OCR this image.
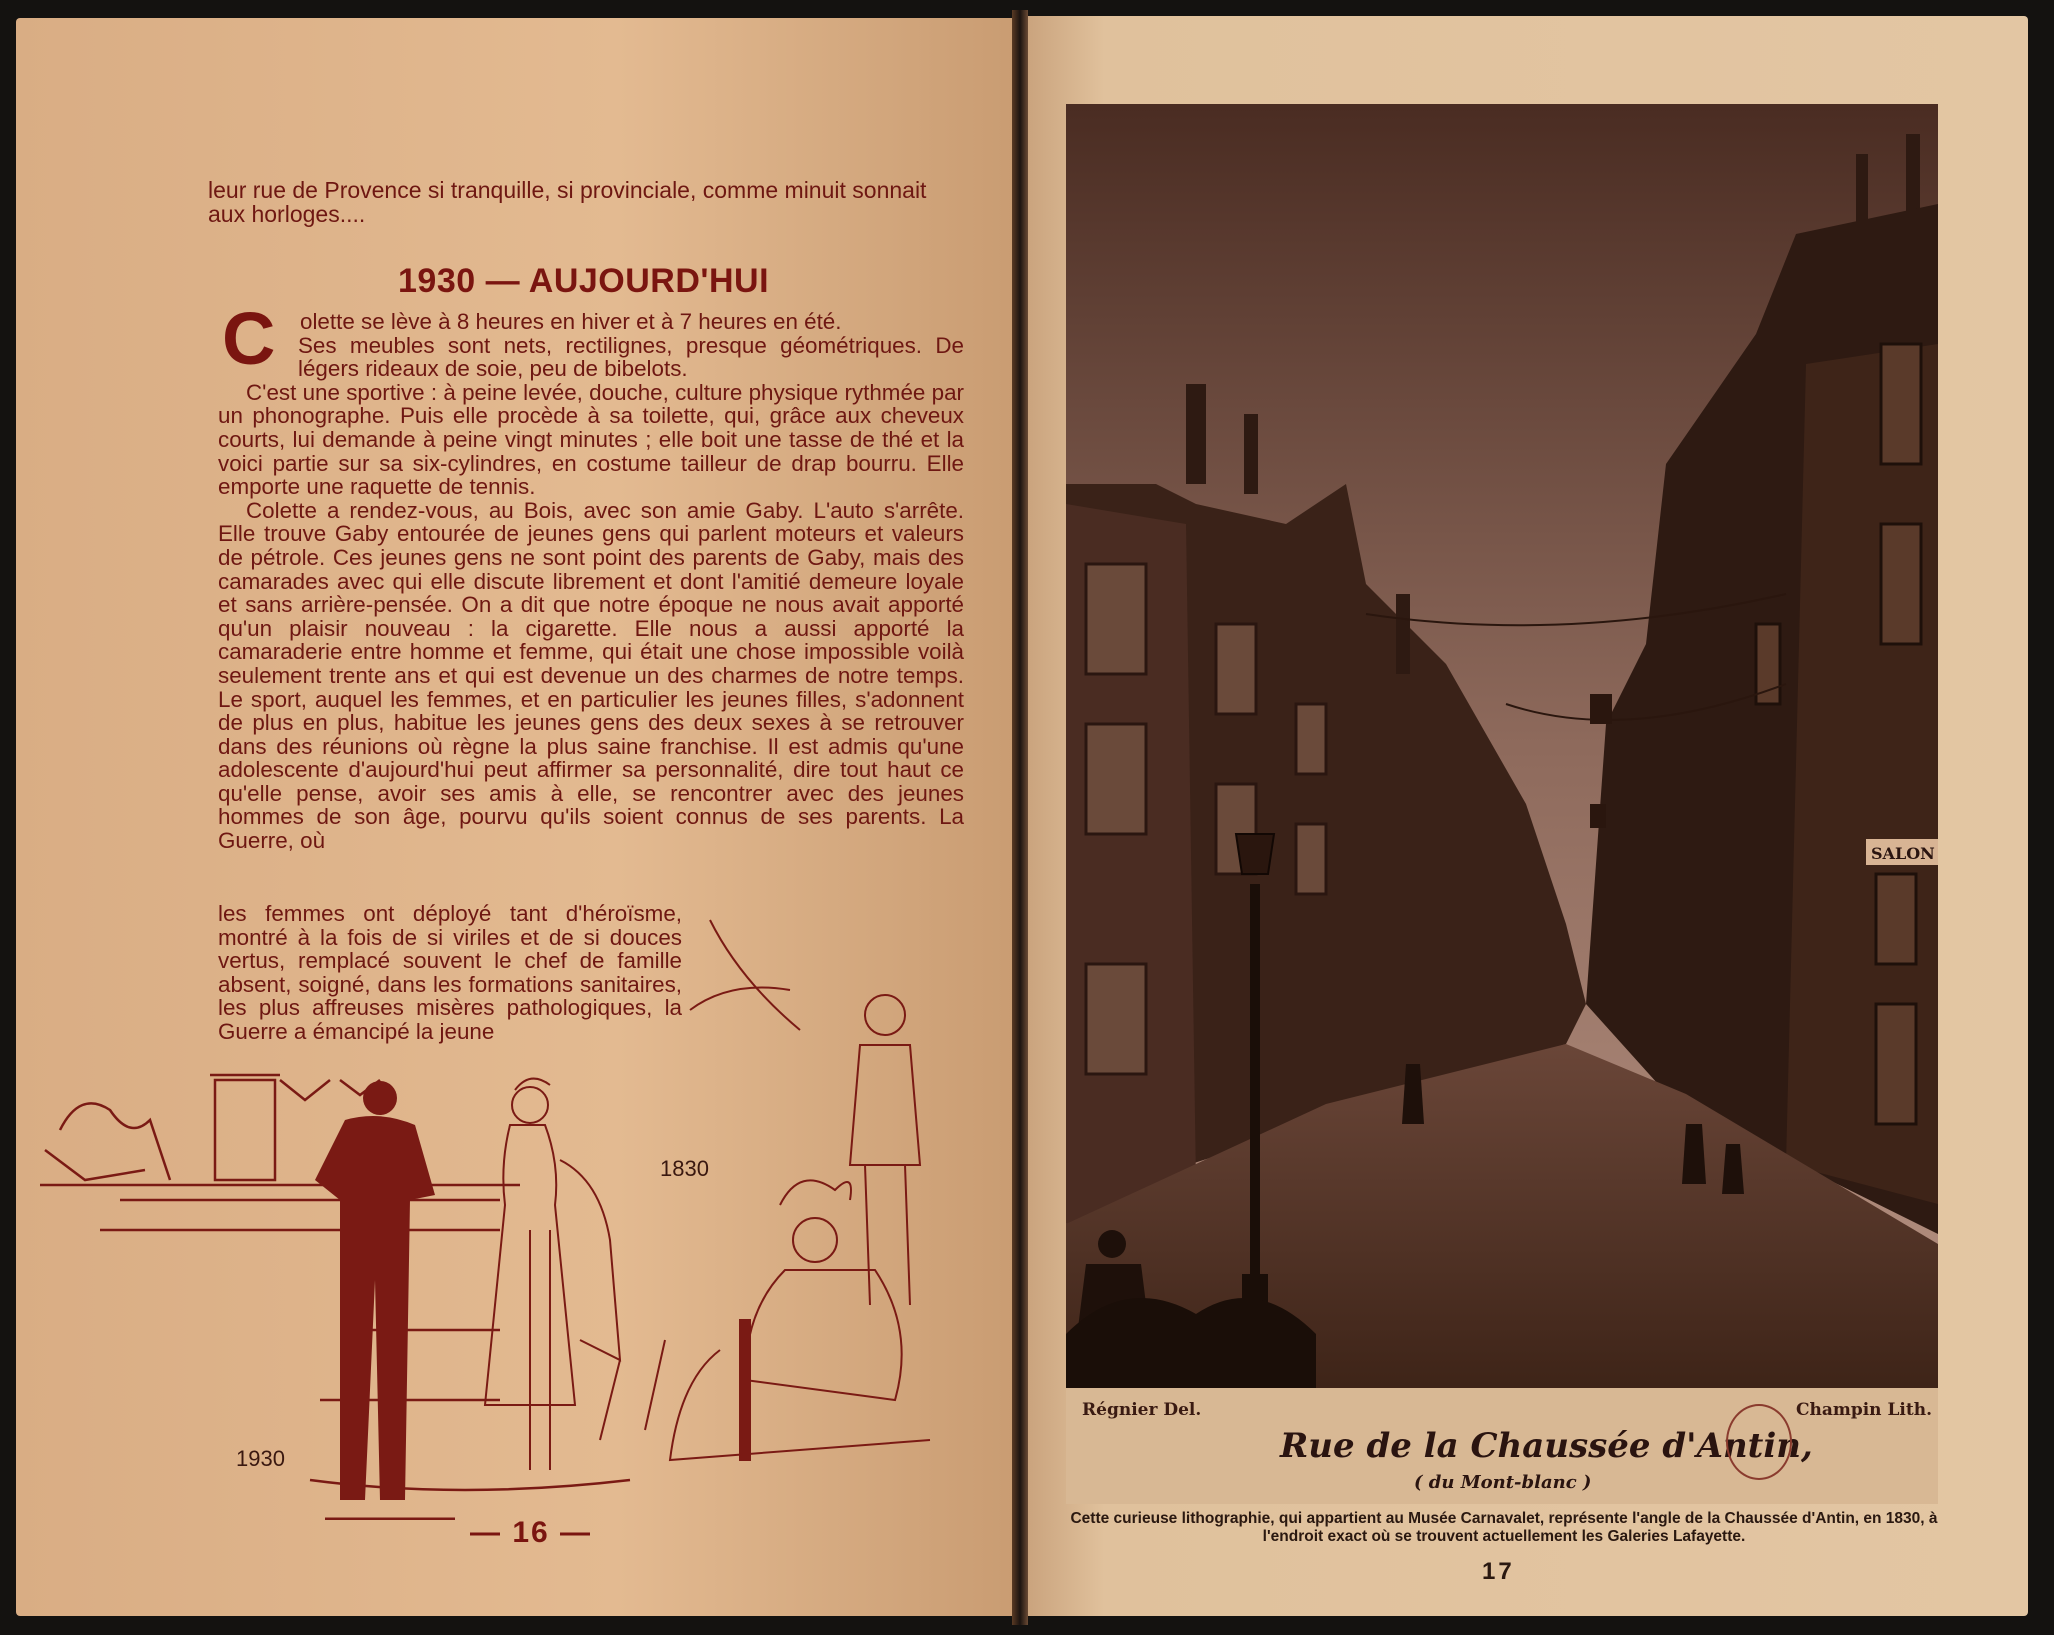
leur rue de Provence si tranquille, si provinciale, comme minuit sonnait aux horloges....
1930 — AUJOURD'HUI
C	olette se lève à 8 heures en hiver et à 7 heures en été.
Ses meubles sont nets, rectilignes, presque géométriques. De légers rideaux de soie, peu de bibelots.

C'est une sportive : à peine levée, douche, culture physique rythmée par un phonographe. Puis elle procède à sa toilette, qui, grâce aux cheveux courts, lui demande à peine vingt minutes ; elle boit une tasse de thé et la voici partie sur sa six-cylindres, en costume tailleur de drap bourru. Elle emporte une raquette de tennis.

Colette a rendez-vous, au Bois, avec son amie Gaby. L'auto s'arrête. Elle trouve Gaby entourée de jeunes gens qui parlent moteurs et valeurs de pétrole. Ces jeunes gens ne sont point des parents de Gaby, mais des camarades avec qui elle discute librement et dont l'amitié demeure loyale et sans arrière-pensée. On a dit que notre époque ne nous avait apporté qu'un plaisir nouveau : la cigarette. Elle nous a aussi apporté la camaraderie entre homme et femme, qui était une chose impossible voilà seulement trente ans et qui est devenue un des charmes de notre temps. Le sport, auquel les femmes, et en particulier les jeunes filles, s'adonnent de plus en plus, habitue les jeunes gens des deux sexes à se retrouver dans des réunions où règne la plus saine franchise. Il est admis qu'une adolescente d'aujourd'hui peut affirmer sa personnalité, dire tout haut ce qu'elle pense, avoir ses amis à elle, se rencontrer avec des jeunes hommes de son âge, pourvu qu'ils soient connus de ses parents. La Guerre, où

les femmes ont déployé tant d'héroïsme, montré à la fois de si viriles et de si douces vertus, remplacé souvent le chef de famille absent, soigné, dans les formations sanitaires, les plus affreuses misères pathologiques, la Guerre a émancipé la jeune
1930
1830
— 16 —
SALON
Régnier Del.	Champin Lith.
Rue de la Chaussée d'Antin,
( du Mont-blanc )
Cette curieuse lithographie, qui appartient au Musée Carnavalet, représente l'angle de la Chaussée d'Antin, en 1830, à l'endroit exact où se trouvent actuellement les Galeries Lafayette.
17
